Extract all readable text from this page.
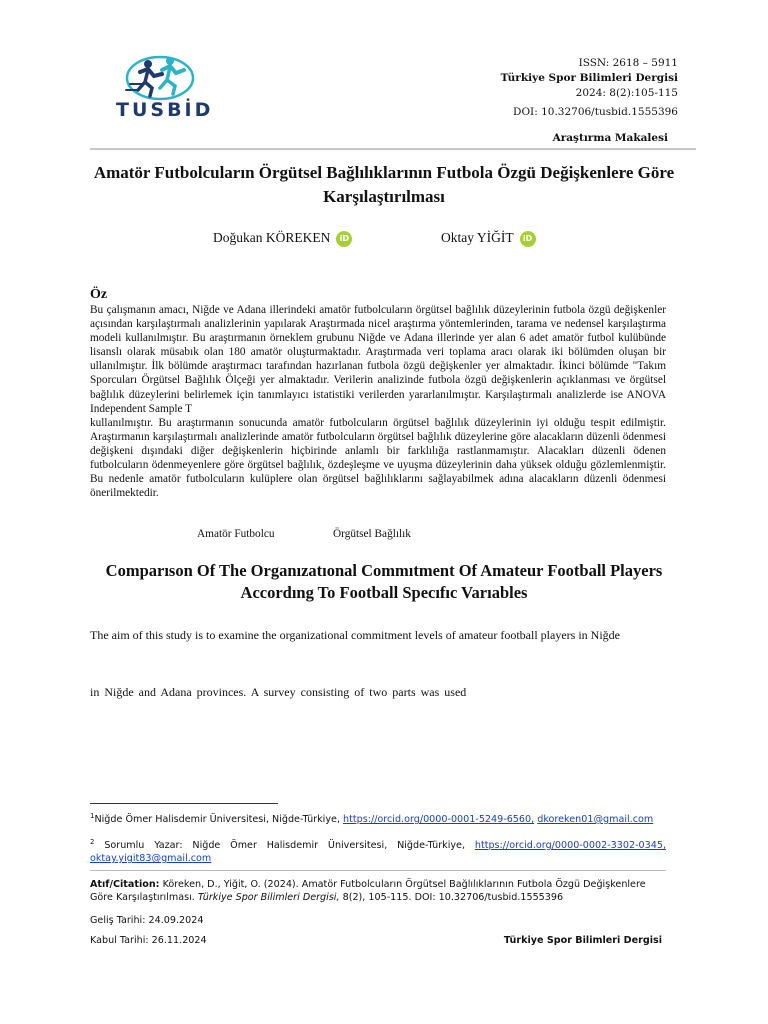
TUSBİD
ISSN: 2618 – 5911
Türkiye Spor Bilimleri Dergisi
2024: 8(2):105-115
DOI: 10.32706/tusbid.1555396
Araştırma Makalesi
Amatör Futbolcuların Örgütsel Bağlılıklarının Futbola Özgü Değişkenlere Göre Karşılaştırılması
Doğukan KÖREKEN iD	Oktay YİĞİT iD
Öz

Bu çalışmanın amacı, Niğde ve Adana illerindeki amatör futbolcuların örgütsel bağlılık düzeylerinin futbola özgü değişkenler açısından karşılaştırmalı analizlerinin yapılarak Araştırmada nicel araştırma yöntemlerinden, tarama ve nedensel karşılaştırma modeli kullanılmıştır. Bu araştırmanın örneklem grubunu Niğde ve Adana illerinde yer alan 6 adet amatör futbol kulübünde lisanslı olarak müsabık olan 180 amatör oluşturmaktadır. Araştırmada veri toplama aracı olarak iki bölümden oluşan bir ullanılmıştır. İlk bölümde araştırmacı tarafından hazırlanan futbola özgü değişkenler yer almaktadır. İkinci bölümde "Takım Sporcuları Örgütsel Bağlılık Ölçeği yer almaktadır. Verilerin analizinde futbola özgü değişkenlerin açıklanması ve örgütsel bağlılık düzeylerini belirlemek için tanımlayıcı istatistiki verilerden yararlanılmıştır. Karşılaştırmalı analizlerde ise ANOVA Independent Sample T

kullanılmıştır. Bu araştırmanın sonucunda amatör futbolcuların örgütsel bağlılık düzeylerinin iyi olduğu tespit edilmiştir. Araştırmanın karşılaştırmalı analizlerinde amatör futbolcuların örgütsel bağlılık düzeylerine göre alacakların düzenli ödenmesi değişkeni dışındaki diğer değişkenlerin hiçbirinde anlamlı bir farklılığa rastlanmamıştır. Alacakları düzenli ödenen futbolcuların ödenmeyenlere göre örgütsel bağlılık, özdeşleşme ve uyuşma düzeylerinin daha yüksek olduğu gözlemlenmiştir. Bu nedenle amatör futbolcuların kulüplere olan örgütsel bağlılıklarını sağlayabilmek adına alacakların düzenli ödenmesi önerilmektedir.

Amatör Futbolcu	Örgütsel Bağlılık
Comparıson Of The Organızatıonal Commıtment Of Amateur Football Players Accordıng To Football Specıfıc Varıables
The aim of this study is to examine the organizational commitment levels of amateur football players in Niğde
in Niğde and Adana provinces. A survey consisting of two parts was used
$^1$Niğde Ömer Halisdemir Üniversitesi, Niğde-Türkiye, https://orcid.org/0000-0001-5249-6560, dkoreken01@gmail.com
$^2$ Sorumlu Yazar: Niğde Ömer Halisdemir Üniversitesi, Niğde-Türkiye, https://orcid.org/0000-0002-3302-0345, oktay.yigit83@gmail.com
Atıf/Citation: Köreken, D., Yiğit, O. (2024). Amatör Futbolcuların Örgütsel Bağlılıklarının Futbola Özgü Değişkenlere Göre Karşılaştırılması. Türkiye Spor Bilimleri Dergisi, 8(2), 105-115. DOI: 10.32706/tusbid.1555396
Geliş Tarihi: 24.09.2024
Kabul Tarihi: 26.11.2024	Türkiye Spor Bilimleri Dergisi
